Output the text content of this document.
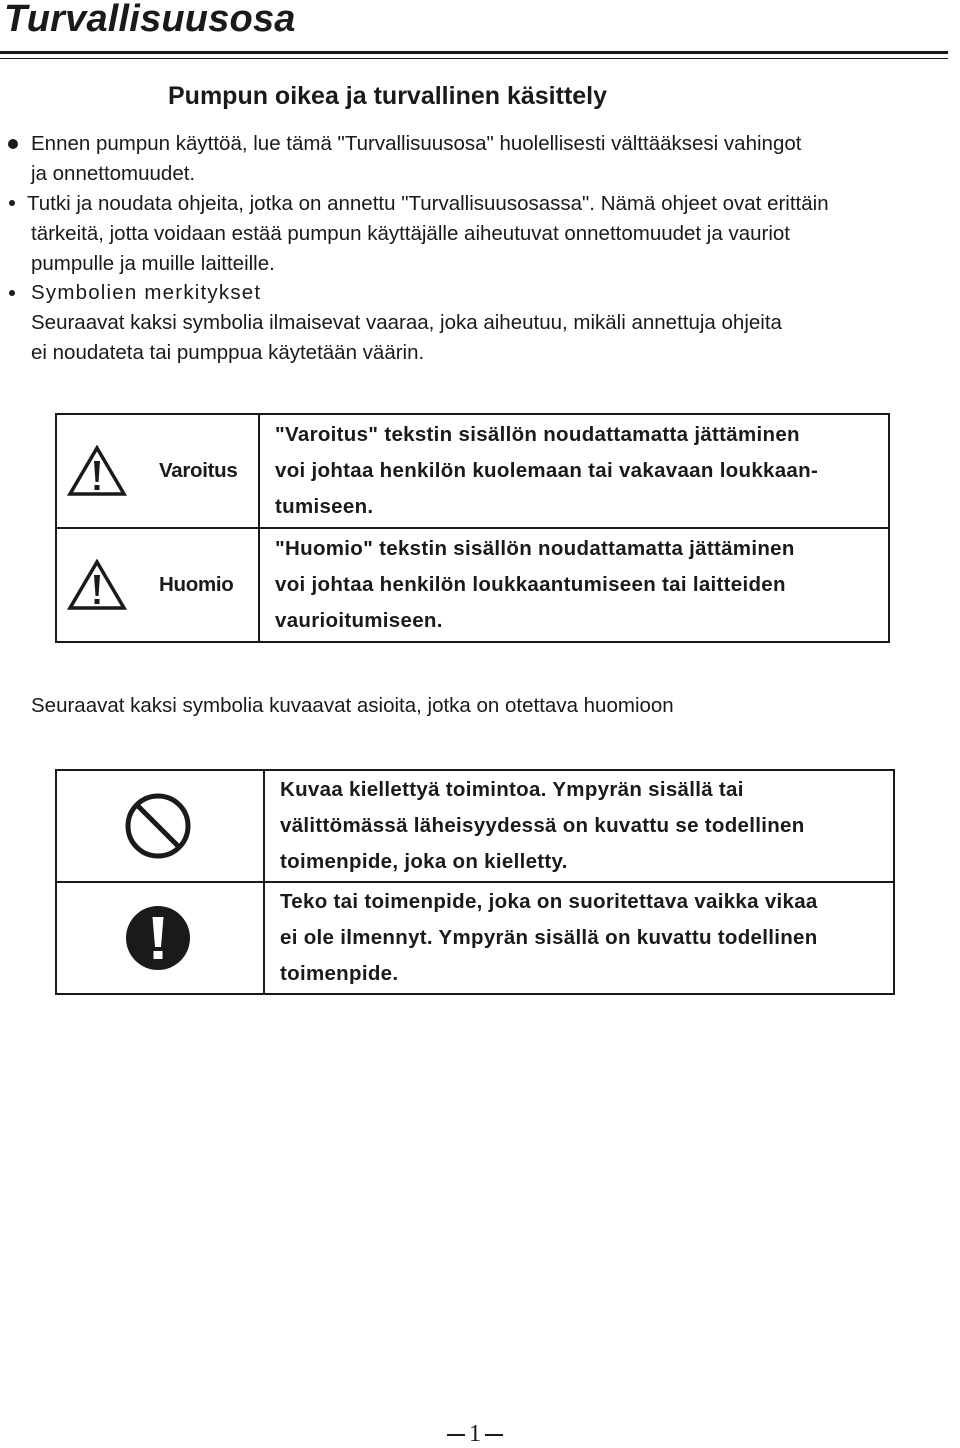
Turvallisuusosa
Pumpun oikea ja turvallinen käsittely
Ennen pumpun käyttöä, lue tämä "Turvallisuusosa" huolellisesti välttääksesi vahingot
ja onnettomuudet.
Tutki ja noudata ohjeita, jotka on annettu "Turvallisuusosassa". Nämä ohjeet ovat erittäin
tärkeitä, jotta voidaan estää pumpun käyttäjälle aiheutuvat onnettomuudet ja vauriot
pumpulle ja muille laitteille.
Symbolien merkitykset
Seuraavat kaksi symbolia ilmaisevat vaaraa, joka aiheutuu, mikäli annettuja ohjeita
ei noudateta tai pumppua käytetään väärin.
Varoitus	"Varoitus" tekstin sisällön noudattamatta jättäminen
voi johtaa henkilön kuolemaan tai vakavaan loukkaan-
tumiseen.

Huomio	"Huomio" tekstin sisällön noudattamatta jättäminen
voi johtaa henkilön loukkaantumiseen tai laitteiden
vaurioitumiseen.
Seuraavat kaksi symbolia kuvaavat asioita, jotka on otettava huomioon

Kuvaa kiellettyä toimintoa. Ympyrän sisällä tai
välittömässä läheisyydessä on kuvattu se todellinen
toimenpide, joka on kielletty.

Teko tai toimenpide, joka on suoritettava vaikka vikaa
ei ole ilmennyt. Ympyrän sisällä on kuvattu todellinen
toimenpide.
1
